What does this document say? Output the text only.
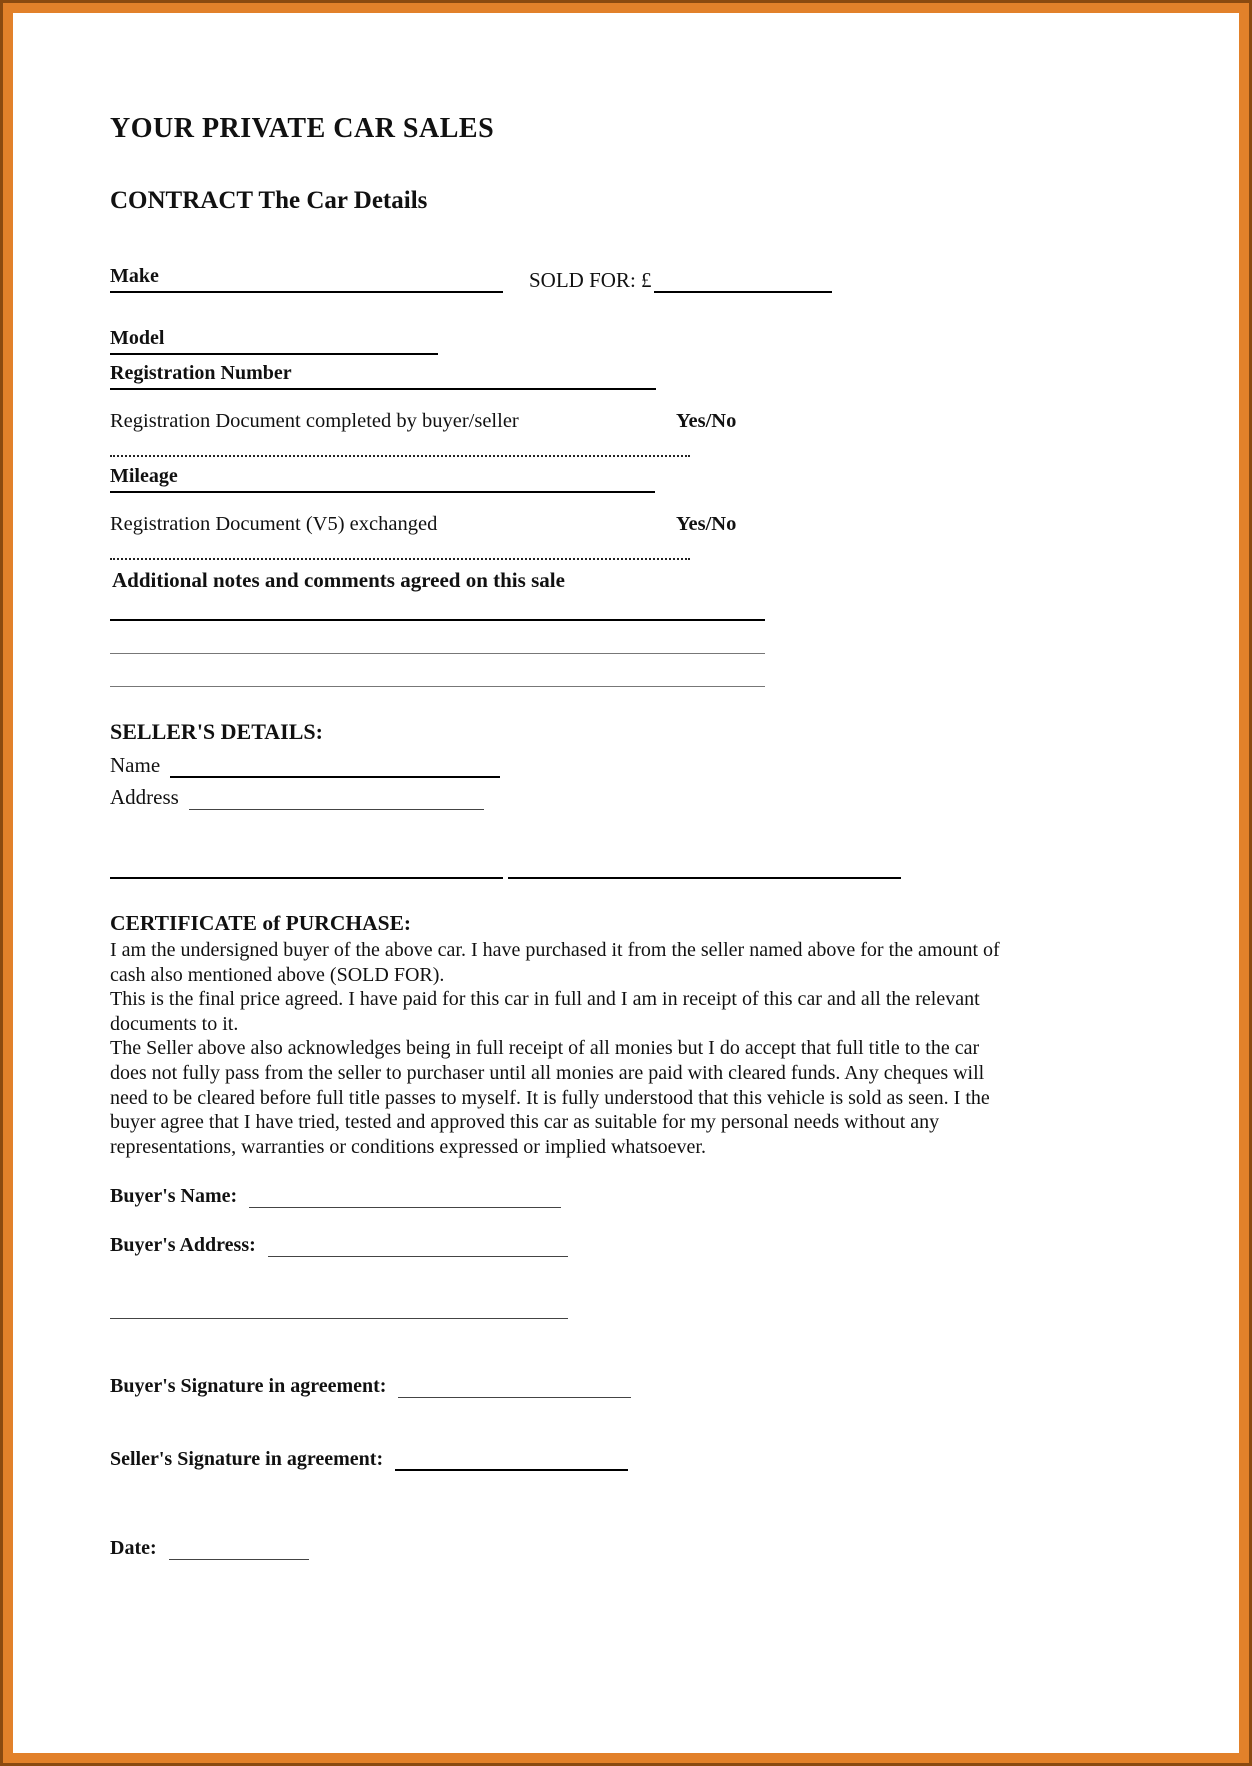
YOUR PRIVATE CAR SALES
CONTRACT The Car Details
Make	SOLD FOR: £
Model
Registration Number
Registration Document completed by buyer/seller	Yes/No
Mileage
Registration Document (V5) exchanged	Yes/No
Additional notes and comments agreed on this sale
SELLER'S DETAILS:
Name
Address

CERTIFICATE of PURCHASE:

I am the undersigned buyer of the above car. I have purchased it from the seller named above for the amount of cash also mentioned above (SOLD FOR).

This is the final price agreed. I have paid for this car in full and I am in receipt of this car and all the relevant documents to it.

The Seller above also acknowledges being in full receipt of all monies but I do accept that full title to the car does not fully pass from the seller to purchaser until all monies are paid with cleared funds. Any cheques will need to be cleared before full title passes to myself. It is fully understood that this vehicle is sold as seen. I the buyer agree that I have tried, tested and approved this car as suitable for my personal needs without any representations, warranties or conditions expressed or implied whatsoever.

Buyer's Name:
Buyer's Address:
Buyer's Signature in agreement:
Seller's Signature in agreement:
Date:
